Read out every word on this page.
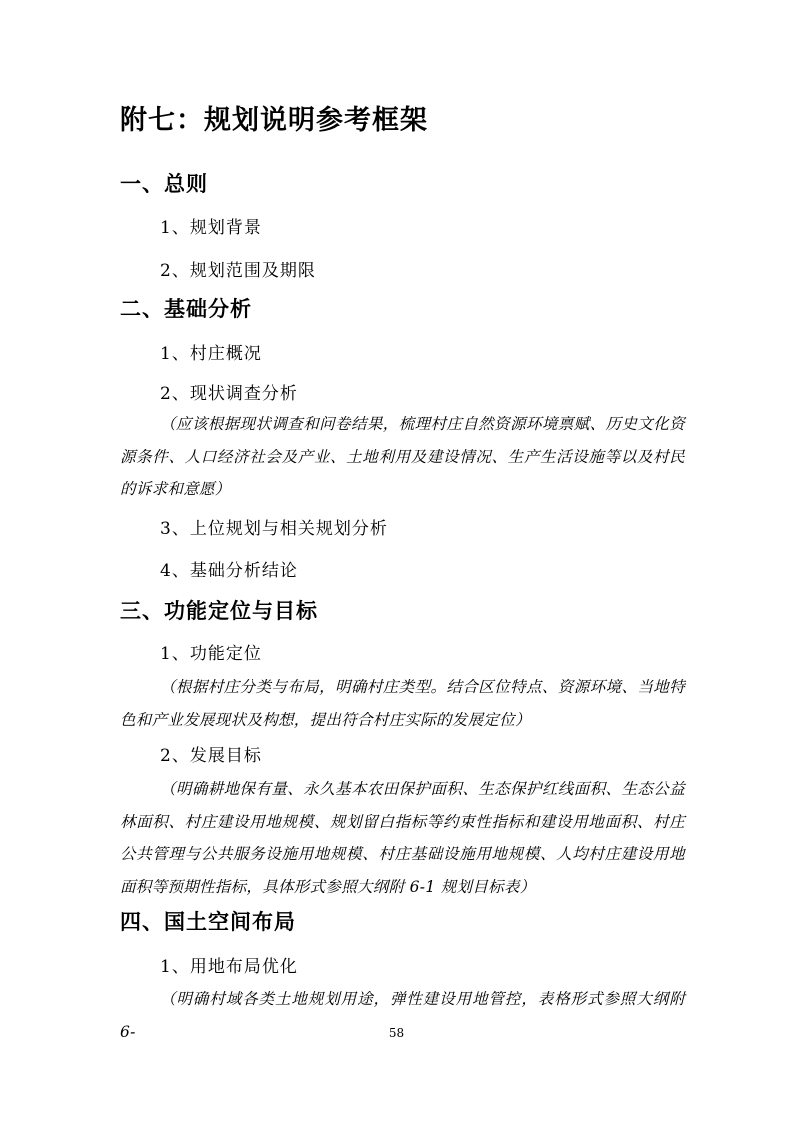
附七：规划说明参考框架
一、总则

1、规划背景

2、规划范围及期限

二、基础分析

1、村庄概况

2、现状调查分析

（应该根据现状调查和问卷结果，梳理村庄自然资源环境禀赋、历史文化资源条件、人口经济社会及产业、土地利用及建设情况、生产生活设施等以及村民的诉求和意愿）

3、上位规划与相关规划分析

4、基础分析结论

三、功能定位与目标

1、功能定位

（根据村庄分类与布局，明确村庄类型。结合区位特点、资源环境、当地特色和产业发展现状及构想，提出符合村庄实际的发展定位）

2、发展目标

（明确耕地保有量、永久基本农田保护面积、生态保护红线面积、生态公益林面积、村庄建设用地规模、规划留白指标等约束性指标和建设用地面积、村庄公共管理与公共服务设施用地规模、村庄基础设施用地规模、人均村庄建设用地面积等预期性指标，具体形式参照大纲附 6-1 规划目标表）

四、国土空间布局

1、用地布局优化

（明确村域各类土地规划用途，弹性建设用地管控，表格形式参照大纲附 6-	58
